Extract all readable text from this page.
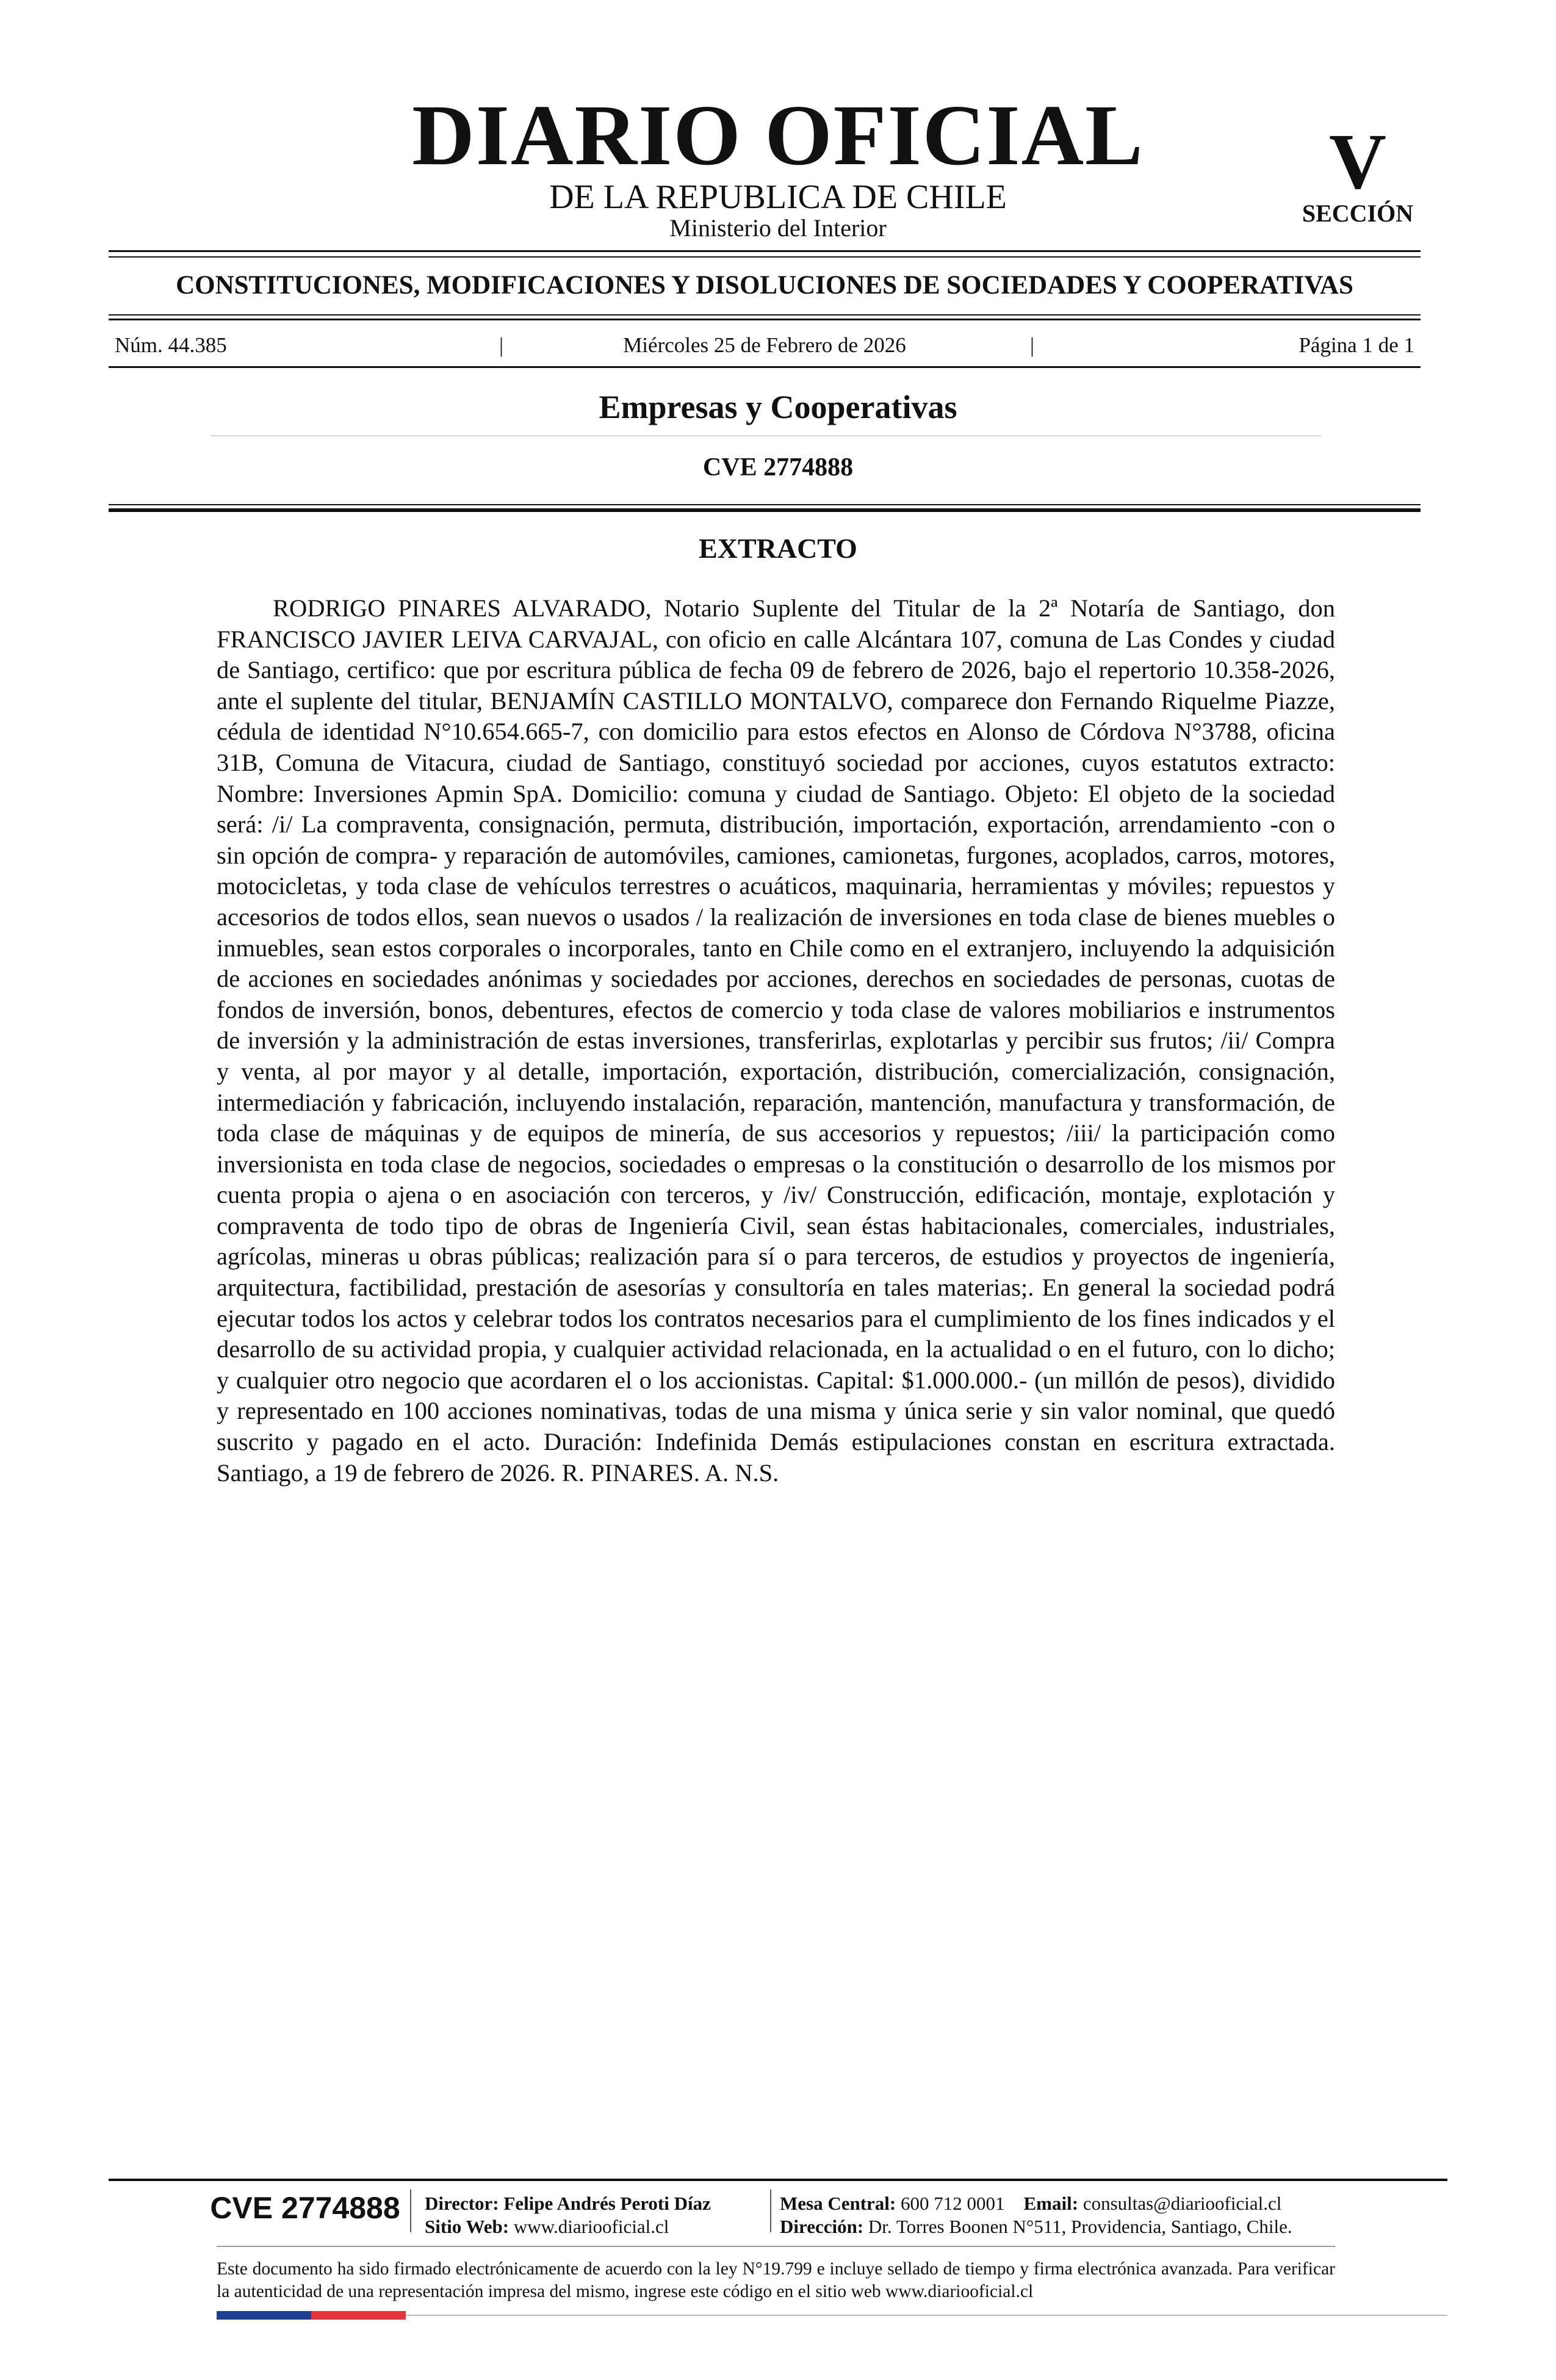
DIARIO OFICIAL
DE LA REPUBLICA DE CHILE
Ministerio del Interior
V
SECCIÓN
CONSTITUCIONES, MODIFICACIONES Y DISOLUCIONES DE SOCIEDADES Y COOPERATIVAS
Núm. 44.385	|	Miércoles 25 de Febrero de 2026	|	Página 1 de 1
Empresas y Cooperativas
CVE 2774888
EXTRACTO
RODRIGO PINARES ALVARADO, Notario Suplente del Titular de la 2ª Notaría de Santiago, don FRANCISCO JAVIER LEIVA CARVAJAL, con oficio en calle Alcántara 107, comuna de Las Condes y ciudad de Santiago, certifico: que por escritura pública de fecha 09 de febrero de 2026, bajo el repertorio 10.358-2026, ante el suplente del titular, BENJAMÍN CASTILLO MONTALVO, comparece don Fernando Riquelme Piazze, cédula de identidad N°10.654.665-7, con domicilio para estos efectos en Alonso de Córdova N°3788, oficina 31B, Comuna de Vitacura, ciudad de Santiago, constituyó sociedad por acciones, cuyos estatutos extracto: Nombre: Inversiones Apmin SpA. Domicilio: comuna y ciudad de Santiago. Objeto: El objeto de la sociedad será: /i/ La compraventa, consignación, permuta, distribución, importación, exportación, arrendamiento -con o sin opción de compra- y reparación de automóviles, camiones, camionetas, furgones, acoplados, carros, motores, motocicletas, y toda clase de vehículos terrestres o acuáticos, maquinaria, herramientas y móviles; repuestos y accesorios de todos ellos, sean nuevos o usados / la realización de inversiones en toda clase de bienes muebles o inmuebles, sean estos corporales o incorporales, tanto en Chile como en el extranjero, incluyendo la adquisición de acciones en sociedades anónimas y sociedades por acciones, derechos en sociedades de personas, cuotas de fondos de inversión, bonos, debentures, efectos de comercio y toda clase de valores mobiliarios e instrumentos de inversión y la administración de estas inversiones, transferirlas, explotarlas y percibir sus frutos; /ii/ Compra y venta, al por mayor y al detalle, importación, exportación, distribución, comercialización, consignación, intermediación y fabricación, incluyendo instalación, reparación, mantención, manufactura y transformación, de toda clase de máquinas y de equipos de minería, de sus accesorios y repuestos; /iii/ la participación como inversionista en toda clase de negocios, sociedades o empresas o la constitución o desarrollo de los mismos por cuenta propia o ajena o en asociación con terceros, y /iv/ Construcción, edificación, montaje, explotación y compraventa de todo tipo de obras de Ingeniería Civil, sean éstas habitacionales, comerciales, industriales, agrícolas, mineras u obras públicas; realización para sí o para terceros, de estudios y proyectos de ingeniería, arquitectura, factibilidad, prestación de asesorías y consultoría en tales materias;. En general la sociedad podrá ejecutar todos los actos y celebrar todos los contratos necesarios para el cumplimiento de los fines indicados y el desarrollo de su actividad propia, y cualquier actividad relacionada, en la actualidad o en el futuro, con lo dicho; y cualquier otro negocio que acordaren el o los accionistas. Capital: $1.000.000.- (un millón de pesos), dividido y representado en 100 acciones nominativas, todas de una misma y única serie y sin valor nominal, que quedó suscrito y pagado en el acto. Duración: Indefinida Demás estipulaciones constan en escritura extractada. Santiago, a 19 de febrero de 2026. R. PINARES. A. N.S.
CVE 2774888 Director: Felipe Andrés Peroti Díaz
Sitio Web: www.diariooficial.cl
Mesa Central: 600 712 0001 Email: consultas@diariooficial.cl
Dirección: Dr. Torres Boonen N°511, Providencia, Santiago, Chile.
Este documento ha sido firmado electrónicamente de acuerdo con la ley N°19.799 e incluye sellado de tiempo y firma electrónica avanzada. Para verificar la autenticidad de una representación impresa del mismo, ingrese este código en el sitio web www.diariooficial.cl
